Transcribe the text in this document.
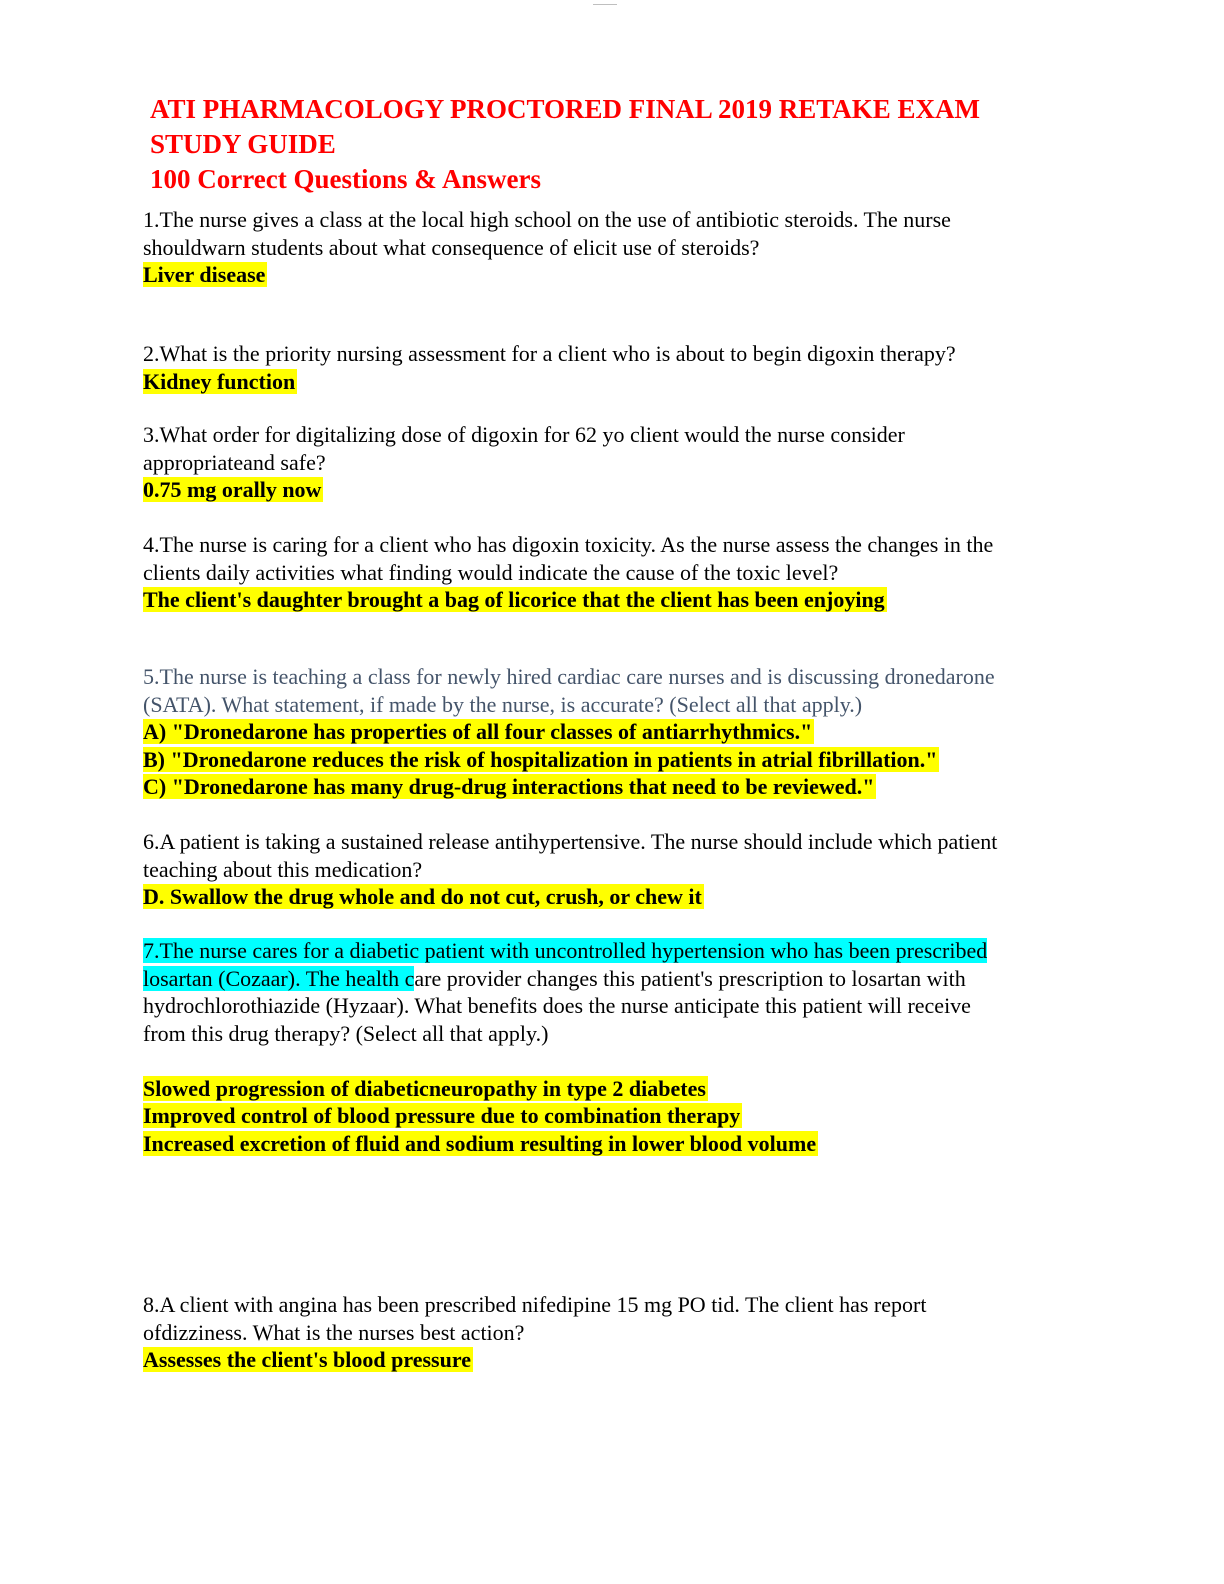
ATI PHARMACOLOGY PROCTORED FINAL 2019 RETAKE EXAM
STUDY GUIDE
100 Correct Questions & Answers
1.The nurse gives a class at the local high school on the use of antibiotic steroids. The nurse
shouldwarn students about what consequence of elicit use of steroids?
Liver disease
2.What is the priority nursing assessment for a client who is about to begin digoxin therapy?
Kidney function
3.What order for digitalizing dose of digoxin for 62 yo client would the nurse consider
appropriateand safe?
0.75 mg orally now
4.The nurse is caring for a client who has digoxin toxicity. As the nurse assess the changes in the
clients daily activities what finding would indicate the cause of the toxic level?
The client's daughter brought a bag of licorice that the client has been enjoying
5.The nurse is teaching a class for newly hired cardiac care nurses and is discussing dronedarone
(SATA). What statement, if made by the nurse, is accurate? (Select all that apply.)
A) "Dronedarone has properties of all four classes of antiarrhythmics."
B) "Dronedarone reduces the risk of hospitalization in patients in atrial fibrillation."
C) "Dronedarone has many drug-drug interactions that need to be reviewed."
6.A patient is taking a sustained release antihypertensive. The nurse should include which patient
teaching about this medication?
D. Swallow the drug whole and do not cut, crush, or chew it
7.The nurse cares for a diabetic patient with uncontrolled hypertension who has been prescribed
losartan (Cozaar). The health care provider changes this patient's prescription to losartan with
hydrochlorothiazide (Hyzaar). What benefits does the nurse anticipate this patient will receive
from this drug therapy? (Select all that apply.)
Slowed progression of diabeticneuropathy in type 2 diabetes
Improved control of blood pressure due to combination therapy
Increased excretion of fluid and sodium resulting in lower blood volume
8.A client with angina has been prescribed nifedipine 15 mg PO tid. The client has report
ofdizziness. What is the nurses best action?
Assesses the client's blood pressure
